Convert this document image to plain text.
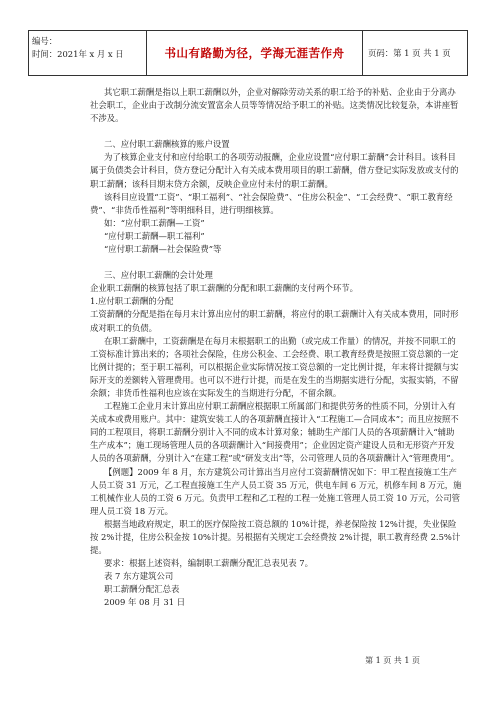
编号：
时间：2021年 x 月 x 日	书山有路勤为径，学海无涯苦作舟	页码：第 1 页 共 1 页

其它职工薪酬是指以上职工薪酬以外，企业对解除劳动关系的职工给予的补贴、企业由于分离办社会职工，企业由于改制分流安置富余人员等等情况给予职工的补贴。这类情况比较复杂，本讲座暂不涉及。

二、应付职工薪酬核算的账户设置

为了核算企业支付和应付给职工的各项劳动报酬，企业应设置“应付职工薪酬”会计科目。该科目属于负债类会计科目，贷方登记分配计入有关成本费用项目的职工薪酬，借方登记实际发放或支付的职工薪酬；该科目期末贷方余额，反映企业应付未付的职工薪酬。

该科目应设置“工资”、“职工福利”、“社会保险费”、“住房公积金”、“工会经费”、“职工教育经费”、“非货币性福利”等明细科目，进行明细核算。

如：“应付职工薪酬—工资”

“应付职工薪酬—职工福利”

“应付职工薪酬—社会保险费”等

三、应付职工薪酬的会计处理

企业职工薪酬的核算包括了职工薪酬的分配和职工薪酬的支付两个环节。

1.应付职工薪酬的分配

工资薪酬的分配是指在每月末计算出应付的职工薪酬，将应付的职工薪酬计入有关成本费用，同时形成对职工的负债。

在职工薪酬中，工资薪酬是在每月末根据职工的出勤（或完成工作量）的情况，并按不同职工的工资标准计算出来的；各项社会保险，住房公积金、工会经费、职工教育经费是按照工资总额的一定比例计提的；至于职工福利，可以根据企业实际情况按工资总额的一定比例计提，年末将计提额与实际开支的差额转入管理费用。也可以不进行计提，而是在发生的当期据实进行分配，实报实销，不留余额；非货币性福利也应该在实际发生的当期进行分配，不留余额。

工程施工企业月末计算出应付职工薪酬应根据职工所属部门和提供劳务的性质不同，分别计入有关成本或费用账户。其中：建筑安装工人的各项薪酬直接计入“工程施工—合同成本”；而且应按照不同的工程项目，将职工薪酬分别计入不同的成本计算对象；辅助生产部门人员的各项薪酬计入“辅助生产成本”；施工现场管理人员的各项薪酬计入“间接费用”；企业因定资产建设人员和无形资产开发人员的各项薪酬，分别计入“在建工程”或“研发支出”等，公司管理人员的各项薪酬计入“管理费用”。

【例题】2009 年 8 月，东方建筑公司计算出当月应付工资薪酬情况如下：甲工程直接施工生产人员工资 31 万元，乙工程直接施工生产人员工资 35 万元，供电车间 6 万元，机修车间 8 万元，施工机械作业人员的工资 6 万元。负责甲工程和乙工程的工程一处施工管理人员工资 10 万元，公司管理人员工资 18 万元。

根据当地政府规定，职工的医疗保险按工资总额的 10%计提，养老保险按 12%计提，失业保险按 2%计提，住房公积金按 10%计提。另根据有关规定工会经费按 2%计提，职工教育经费 2.5%计提。

要求：根据上述资料，编制职工薪酬分配汇总表见表 7。

表 7 东方建筑公司

职工薪酬分配汇总表

2009 年 08 月 31 日

第 1 页 共 1 页
